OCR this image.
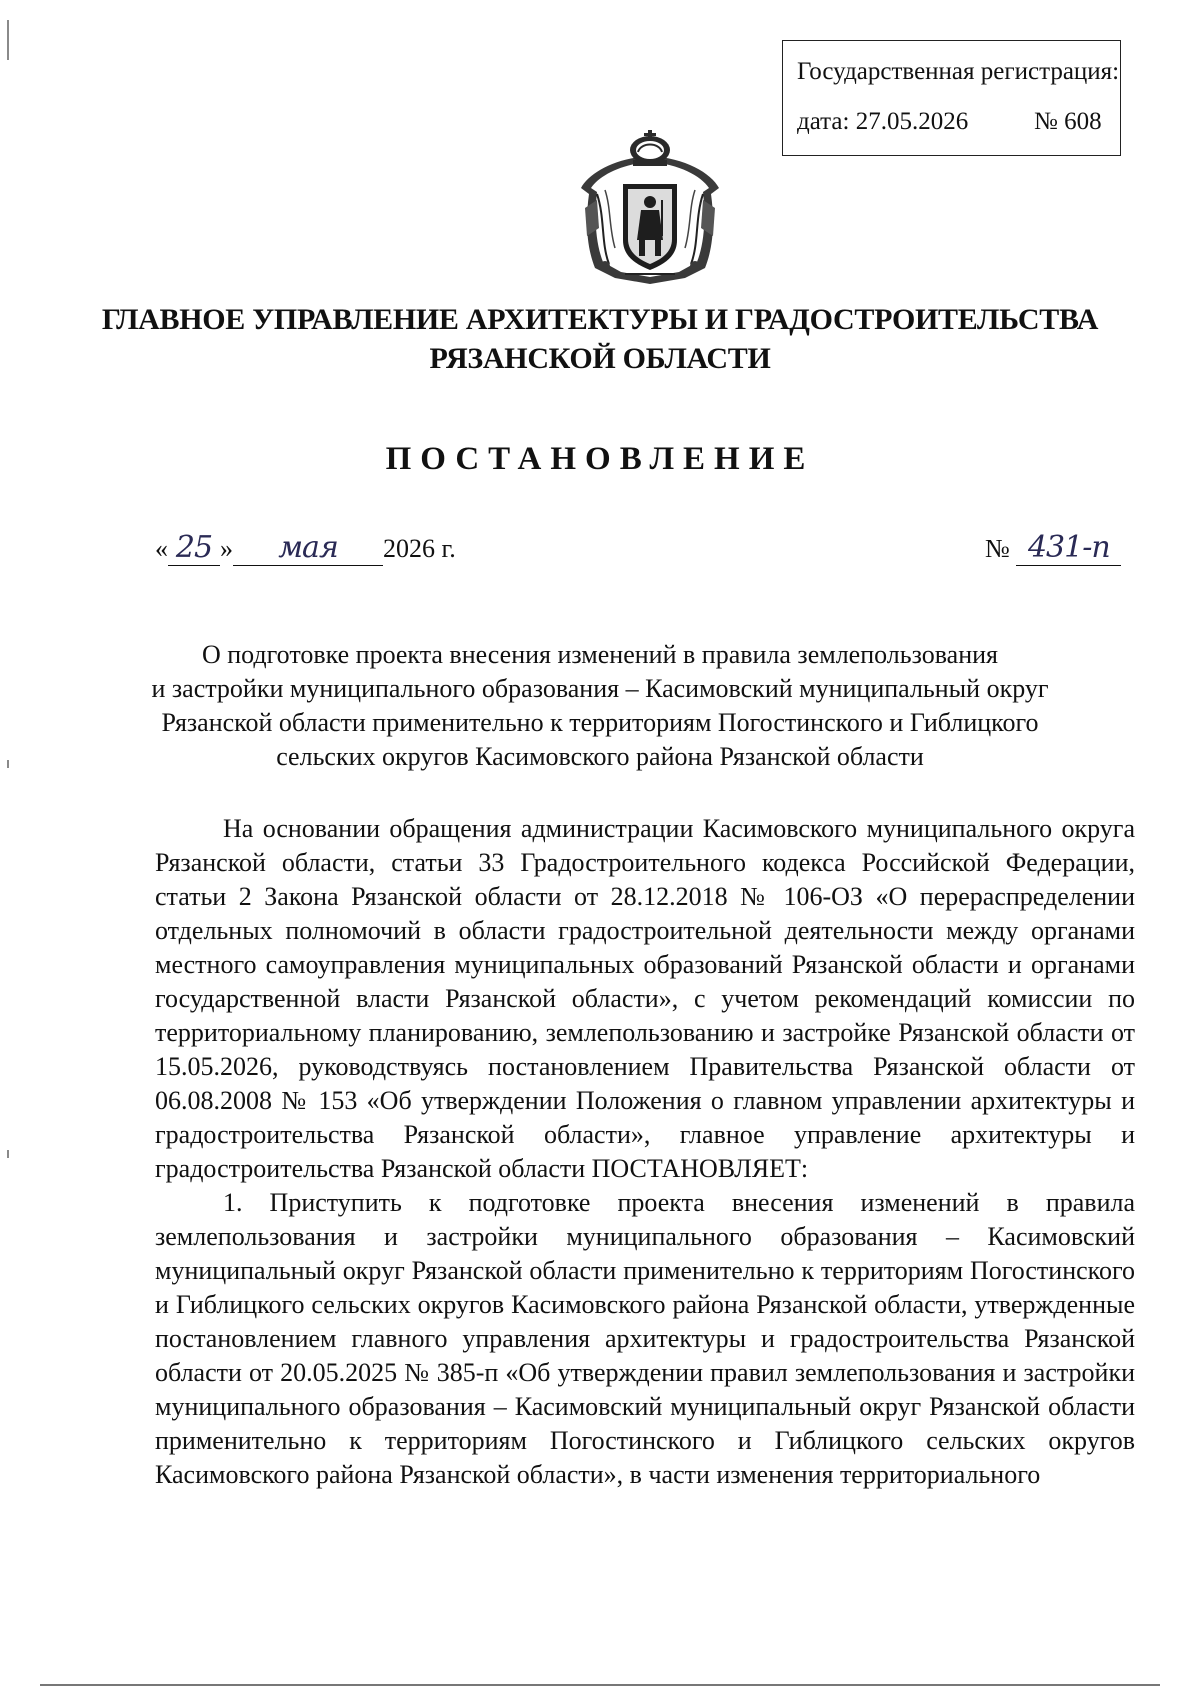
Государственная регистрация:
дата: 27.05.2026	№ 608
ГЛАВНОЕ УПРАВЛЕНИЕ АРХИТЕКТУРЫ И ГРАДОСТРОИТЕЛЬСТВА
РЯЗАНСКОЙ ОБЛАСТИ
ПОСТАНОВЛЕНИЕ
« 25 » мая 2026 г.	№ 431-п
О подготовке проекта внесения изменений в правила землепользования
и застройки муниципального образования – Касимовский муниципальный округ
Рязанской области применительно к территориям Погостинского и Гиблицкого
сельских округов Касимовского района Рязанской области

На основании обращения администрации Касимовского муниципального округа Рязанской области, статьи 33 Градостроительного кодекса Российской Федерации, статьи 2 Закона Рязанской области от 28.12.2018 № 106-ОЗ «О перераспределении отдельных полномочий в области градостроительной деятельности между органами местного самоуправления муниципальных образований Рязанской области и органами государственной власти Рязанской области», с учетом рекомендаций комиссии по территориальному планированию, землепользованию и застройке Рязанской области от 15.05.2026, руководствуясь постановлением Правительства Рязанской области от 06.08.2008 № 153 «Об утверждении Положения о главном управлении архитектуры и градостроительства Рязанской области», главное управление архитектуры и градостроительства Рязанской области ПОСТАНОВЛЯЕТ:

1. Приступить к подготовке проекта внесения изменений в правила землепользования и застройки муниципального образования – Касимовский муниципальный округ Рязанской области применительно к территориям Погостинского и Гиблицкого сельских округов Касимовского района Рязанской области, утвержденные постановлением главного управления архитектуры и градостроительства Рязанской области от 20.05.2025 № 385-п «Об утверждении правил землепользования и застройки муниципального образования – Касимовский муниципальный округ Рязанской области применительно к территориям Погостинского и Гиблицкого сельских округов Касимовского района Рязанской области», в части изменения территориального
